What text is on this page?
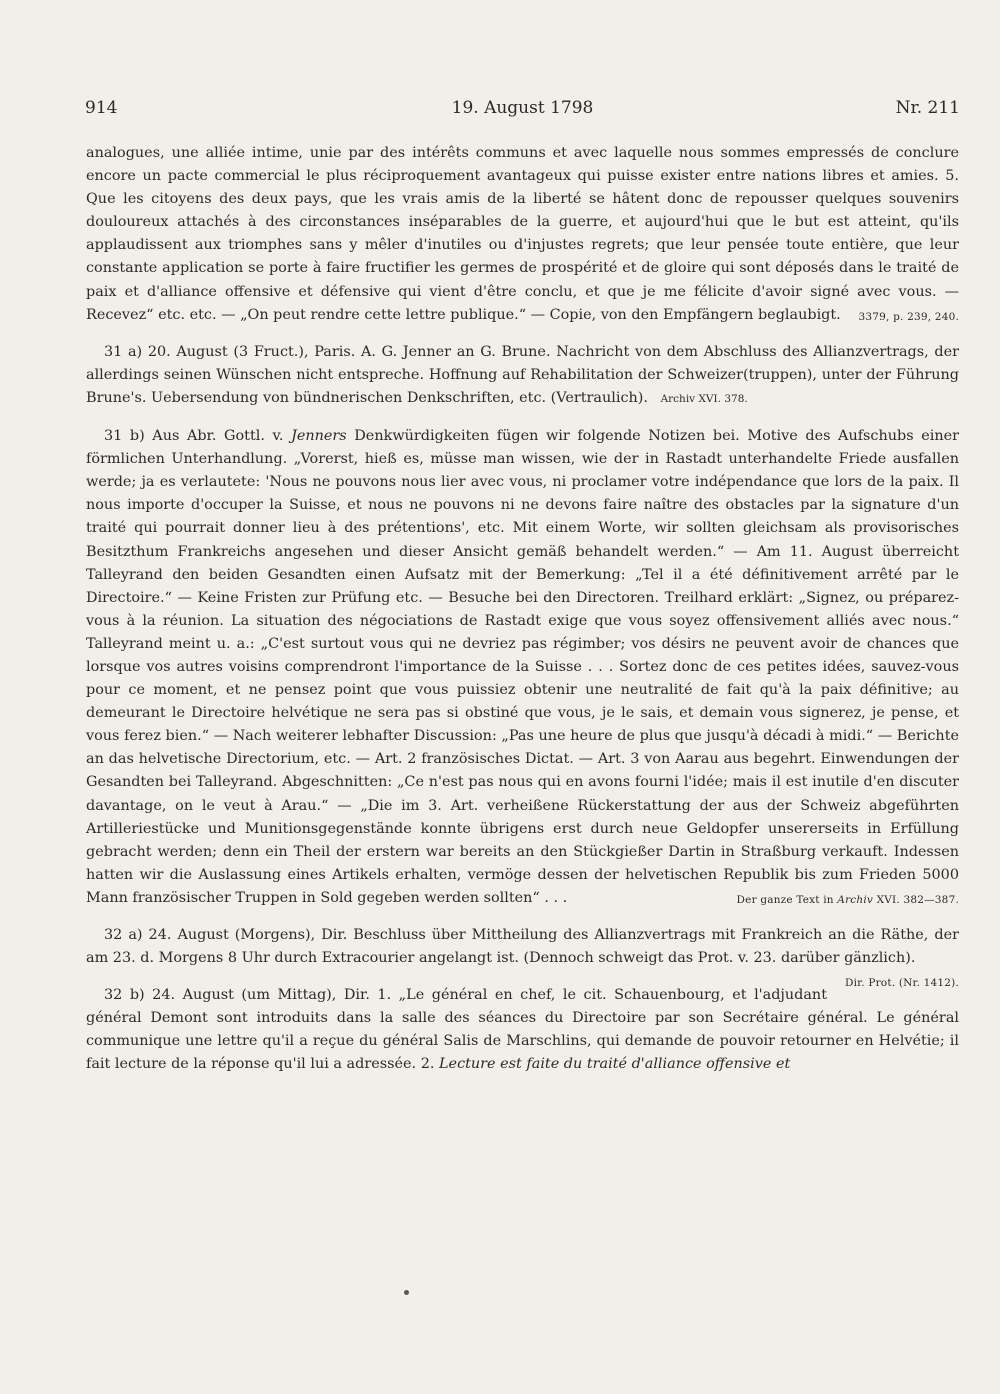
914	19. August 1798	Nr. 211

analogues, une alliée intime, unie par des intérêts communs et avec laquelle nous sommes empressés de conclure encore un pacte commercial le plus réciproquement avantageux qui puisse exister entre nations libres et amies. 5. Que les citoyens des deux pays, que les vrais amis de la liberté se hâtent donc de repousser quelques souvenirs douloureux attachés à des circonstances inséparables de la guerre, et aujourd'hui que le but est atteint, qu'ils applaudissent aux triomphes sans y mêler d'inutiles ou d'injustes regrets; que leur pensée toute entière, que leur constante application se porte à faire fructifier les germes de prospérité et de gloire qui sont déposés dans le traité de paix et d'alliance offensive et défensive qui vient d'être conclu, et que je me félicite d'avoir signé avec vous. — Recevez“ etc. etc. — „On peut rendre cette lettre publique.“ — Copie, von den Empfängern beglaubigt. 3379, p. 239, 240.

31 a) 20. August (3 Fruct.), Paris. A. G. Jenner an G. Brune. Nachricht von dem Abschluss des Allianzvertrags, der allerdings seinen Wünschen nicht entspreche. Hoffnung auf Rehabilitation der Schweizer(truppen), unter der Führung Brune's. Uebersendung von bündnerischen Denkschriften, etc. (Vertraulich). Archiv XVI. 378.

31 b) Aus Abr. Gottl. v. Jenners Denkwürdigkeiten fügen wir folgende Notizen bei. Motive des Aufschubs einer förmlichen Unterhandlung. „Vorerst, hieß es, müsse man wissen, wie der in Rastadt unterhandelte Friede ausfallen werde; ja es verlautete: 'Nous ne pouvons nous lier avec vous, ni proclamer votre indépendance que lors de la paix. Il nous importe d'occuper la Suisse, et nous ne pouvons ni ne devons faire naître des obstacles par la signature d'un traité qui pourrait donner lieu à des prétentions', etc. Mit einem Worte, wir sollten gleichsam als provisorisches Besitzthum Frankreichs angesehen und dieser Ansicht gemäß behandelt werden.“ — Am 11. August überreicht Talleyrand den beiden Gesandten einen Aufsatz mit der Bemerkung: „Tel il a été définitivement arrêté par le Directoire.“ — Keine Fristen zur Prüfung etc. — Besuche bei den Directoren. Treilhard erklärt: „Signez, ou préparez-vous à la réunion. La situation des négociations de Rastadt exige que vous soyez offensivement alliés avec nous.“ Talleyrand meint u. a.: „C'est surtout vous qui ne devriez pas régimber; vos désirs ne peuvent avoir de chances que lorsque vos autres voisins comprendront l'importance de la Suisse . . . Sortez donc de ces petites idées, sauvez-vous pour ce moment, et ne pensez point que vous puissiez obtenir une neutralité de fait qu'à la paix définitive; au demeurant le Directoire helvétique ne sera pas si obstiné que vous, je le sais, et demain vous signerez, je pense, et vous ferez bien.“ — Nach weiterer lebhafter Discussion: „Pas une heure de plus que jusqu'à décadi à midi.“ — Berichte an das helvetische Directorium, etc. — Art. 2 französisches Dictat. — Art. 3 von Aarau aus begehrt. Einwendungen der Gesandten bei Talleyrand. Abgeschnitten: „Ce n'est pas nous qui en avons fourni l'idée; mais il est inutile d'en discuter davantage, on le veut à Arau.“ — „Die im 3. Art. verheißene Rückerstattung der aus der Schweiz abgeführten Artilleriestücke und Munitionsgegenstände konnte übrigens erst durch neue Geldopfer unsererseits in Erfüllung gebracht werden; denn ein Theil der erstern war bereits an den Stückgießer Dartin in Straßburg verkauft. Indessen hatten wir die Auslassung eines Artikels erhalten, vermöge dessen der helvetischen Republik bis zum Frieden 5000 Mann französischer Truppen in Sold gegeben werden sollten“ . . .	Der ganze Text in Archiv XVI. 382—387.

32 a) 24. August (Morgens), Dir. Beschluss über Mittheilung des Allianzvertrags mit Frankreich an die Räthe, der am 23. d. Morgens 8 Uhr durch Extracourier angelangt ist. (Dennoch schweigt das Prot. v. 23. darüber gänzlich).
Dir. Prot. (Nr. 1412).

32 b) 24. August (um Mittag), Dir. 1. „Le général en chef, le cit. Schauenbourg, et l'adjudant général Demont sont introduits dans la salle des séances du Directoire par son Secrétaire général. Le général communique une lettre qu'il a reçue du général Salis de Marschlins, qui demande de pouvoir retourner en Helvétie; il fait lecture de la réponse qu'il lui a adressée. 2. Lecture est faite du traité d'alliance offensive et
